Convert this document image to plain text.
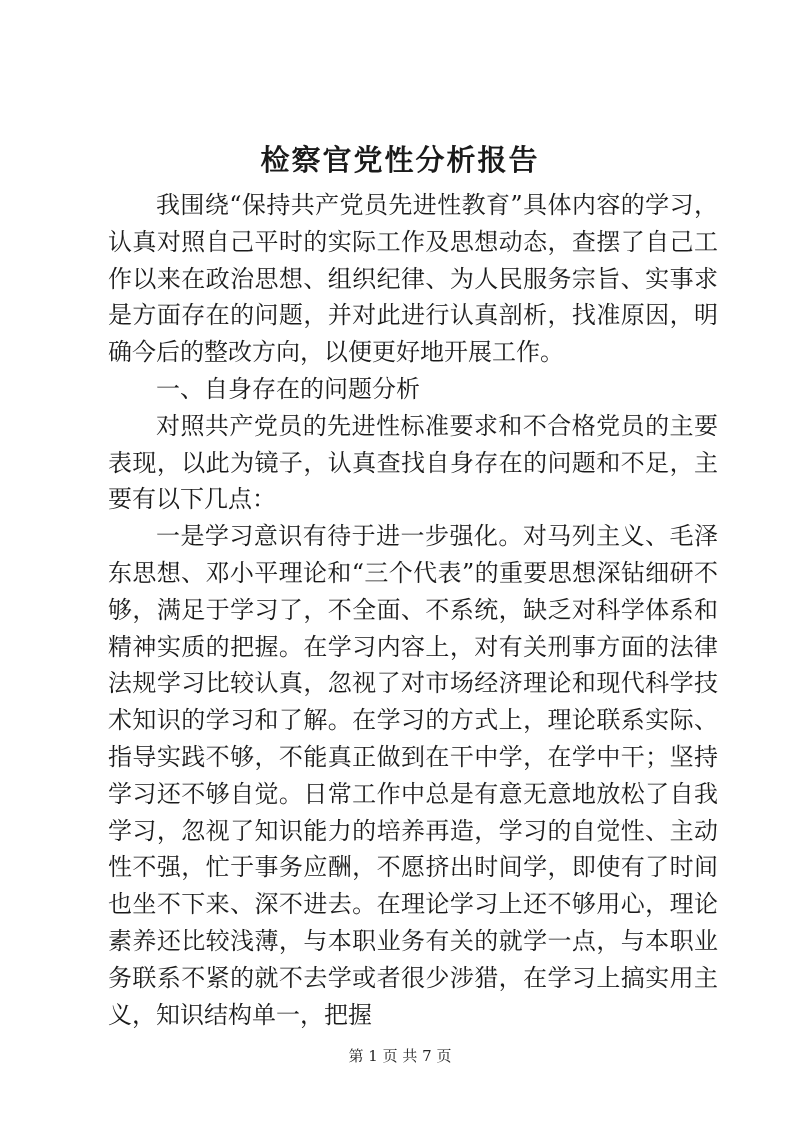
检察官党性分析报告

我围绕“保持共产党员先进性教育”具体内容的学习，认真对照自己平时的实际工作及思想动态，查摆了自己工作以来在政治思想、组织纪律、为人民服务宗旨、实事求是方面存在的问题，并对此进行认真剖析，找准原因，明确今后的整改方向，以便更好地开展工作。

一、自身存在的问题分析

对照共产党员的先进性标准要求和不合格党员的主要表现，以此为镜子，认真查找自身存在的问题和不足，主要有以下几点：

一是学习意识有待于进一步强化。对马列主义、毛泽东思想、邓小平理论和“三个代表”的重要思想深钻细研不够，满足于学习了，不全面、不系统，缺乏对科学体系和精神实质的把握。在学习内容上，对有关刑事方面的法律法规学习比较认真，忽视了对市场经济理论和现代科学技术知识的学习和了解。在学习的方式上，理论联系实际、指导实践不够，不能真正做到在干中学，在学中干；坚持学习还不够自觉。日常工作中总是有意无意地放松了自我学习，忽视了知识能力的培养再造，学习的自觉性、主动性不强，忙于事务应酬，不愿挤出时间学，即使有了时间也坐不下来、深不进去。在理论学习上还不够用心，理论素养还比较浅薄，与本职业务有关的就学一点，与本职业务联系不紧的就不去学或者很少涉猎，在学习上搞实用主义，知识结构单一，把握

第 1 页 共 7 页
